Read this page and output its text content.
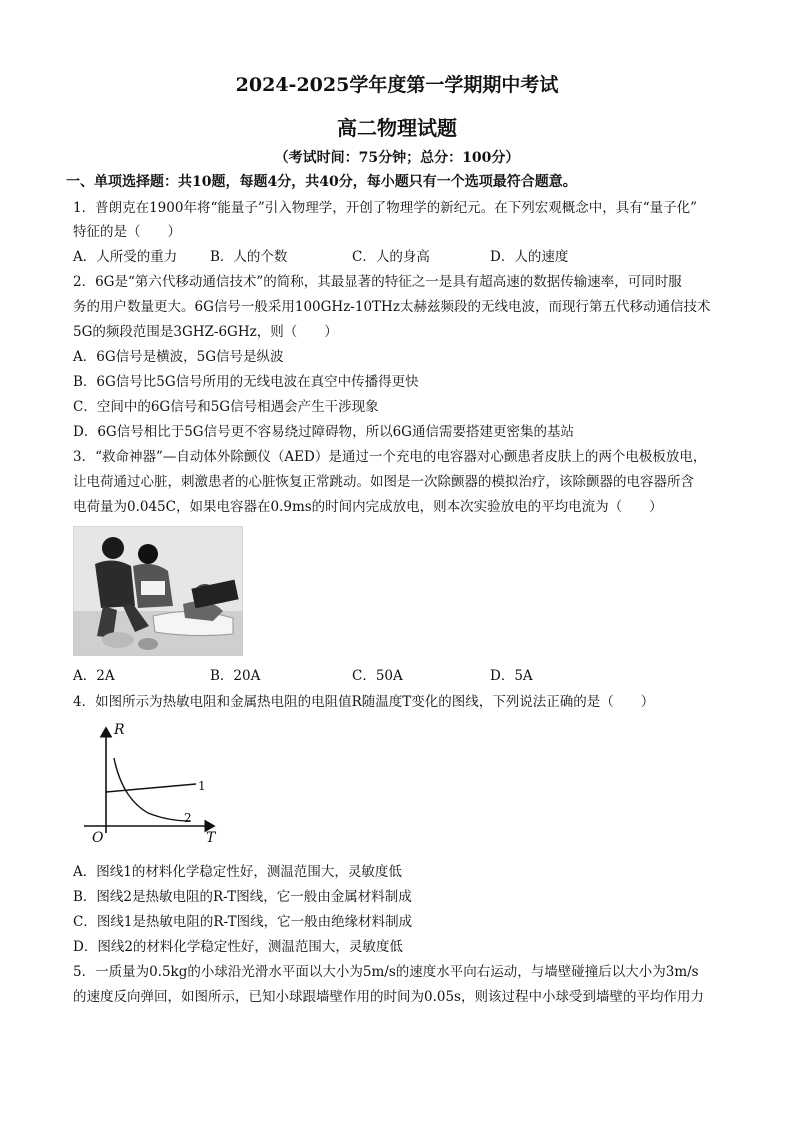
2024-2025学年度第一学期期中考试
高二物理试题
（考试时间：75分钟；总分：100分）
一、单项选择题：共10题，每题4分，共40分，每小题只有一个选项最符合题意。
1．普朗克在1900年将“能量子”引入物理学，开创了物理学的新纪元。在下列宏观概念中，具有“量子化”
特征的是（　　）
A．人所受的重力 B．人的个数	C．人的身高	D．人的速度
2．6G是“第六代移动通信技术”的简称，其最显著的特征之一是具有超高速的数据传输速率，可同时服
务的用户数量更大。6G信号一般采用100GHz-10THz太赫兹频段的无线电波，而现行第五代移动通信技术
5G的频段范围是3GHZ-6GHz，则（　　）
A．6G信号是横波，5G信号是纵波
B．6G信号比5G信号所用的无线电波在真空中传播得更快
C．空间中的6G信号和5G信号相遇会产生干涉现象
D．6G信号相比于5G信号更不容易绕过障碍物，所以6G通信需要搭建更密集的基站
3．“救命神器”—自动体外除颤仪（AED）是通过一个充电的电容器对心颤患者皮肤上的两个电极板放电，
让电荷通过心脏，刺激患者的心脏恢复正常跳动。如图是一次除颤器的模拟治疗，该除颤器的电容器所含
电荷量为0.045C，如果电容器在0.9ms的时间内完成放电，则本次实验放电的平均电流为（　　）
A．2A	B．20A	C．50A	D．5A
4．如图所示为热敏电阻和金属热电阻的电阻值R随温度T变化的图线，下列说法正确的是（　　）
R
T
O
1
2
A．图线1的材料化学稳定性好，测温范围大，灵敏度低
B．图线2是热敏电阻的R-T图线，它一般由金属材料制成
C．图线1是热敏电阻的R-T图线，它一般由绝缘材料制成
D．图线2的材料化学稳定性好，测温范围大，灵敏度低
5．一质量为0.5kg的小球沿光滑水平面以大小为5m/s的速度水平向右运动，与墙壁碰撞后以大小为3m/s
的速度反向弹回，如图所示，已知小球跟墙壁作用的时间为0.05s，则该过程中小球受到墙壁的平均作用力
